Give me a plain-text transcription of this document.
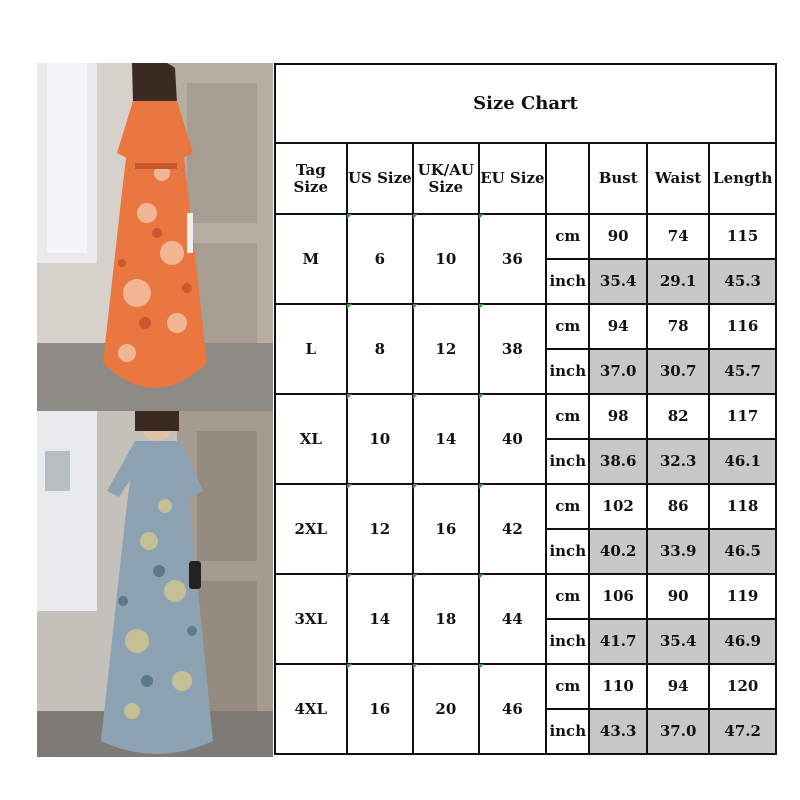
Size Chart							
Tag Size	US Size	UK/AU Size	EU Size		Bust	Waist	Length
M	6	10	36	cm	90	74	115
				inch	35.4	29.1	45.3
L	8	12	38	cm	94	78	116
				inch	37.0	30.7	45.7
XL	10	14	40	cm	98	82	117
				inch	38.6	32.3	46.1
2XL	12	16	42	cm	102	86	118
				inch	40.2	33.9	46.5
3XL	14	18	44	cm	106	90	119
				inch	41.7	35.4	46.9
4XL	16	20	46	cm	110	94	120
				inch	43.3	37.0	47.2
